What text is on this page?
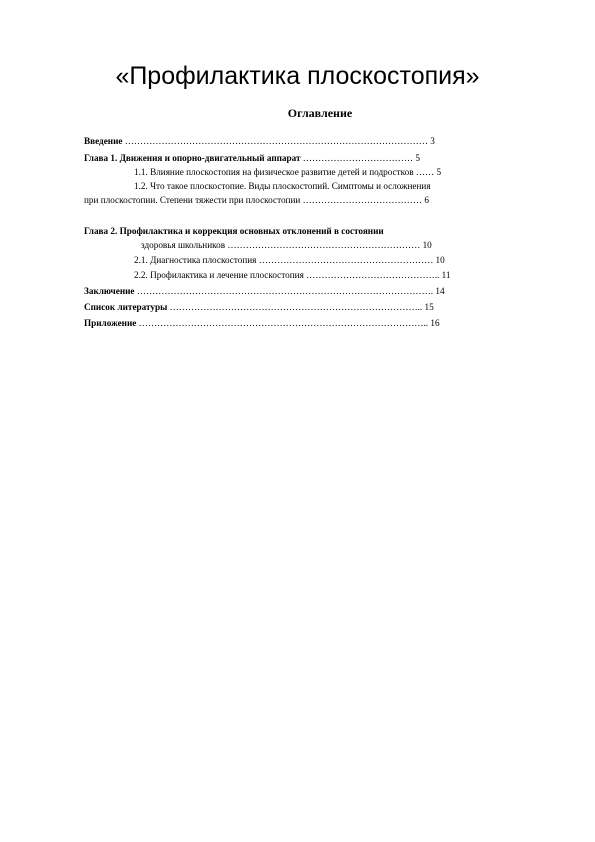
«Профилактика плоскостопия»
Оглавление
Введение ……………………………………………………………………………………… 3
Глава 1. Движения и опорно-двигательный аппарат ……………………………… 5
1.1. Влияние плоскостопия на физическое развитие детей и подростков …… 5
1.2. Что такое плоскостопие. Виды плоскостопий. Симптомы и осложнения
при плоскостопии. Степени тяжести при плоскостопии ………………………………… 6
Глава 2. Профилактика и коррекция основных отклонений в состоянии
здоровья школьников ……………………………………………………… 10
2.1. Диагностика плоскостопия ………………………………………………… 10
2.2. Профилактика и лечение плоскостопия …………………………………….. 11
Заключение ……………………………………………………………………………………. 14
Список литературы ……………………………………………………………………….. 15
Приложение ………………………………………………………………………………….. 16
